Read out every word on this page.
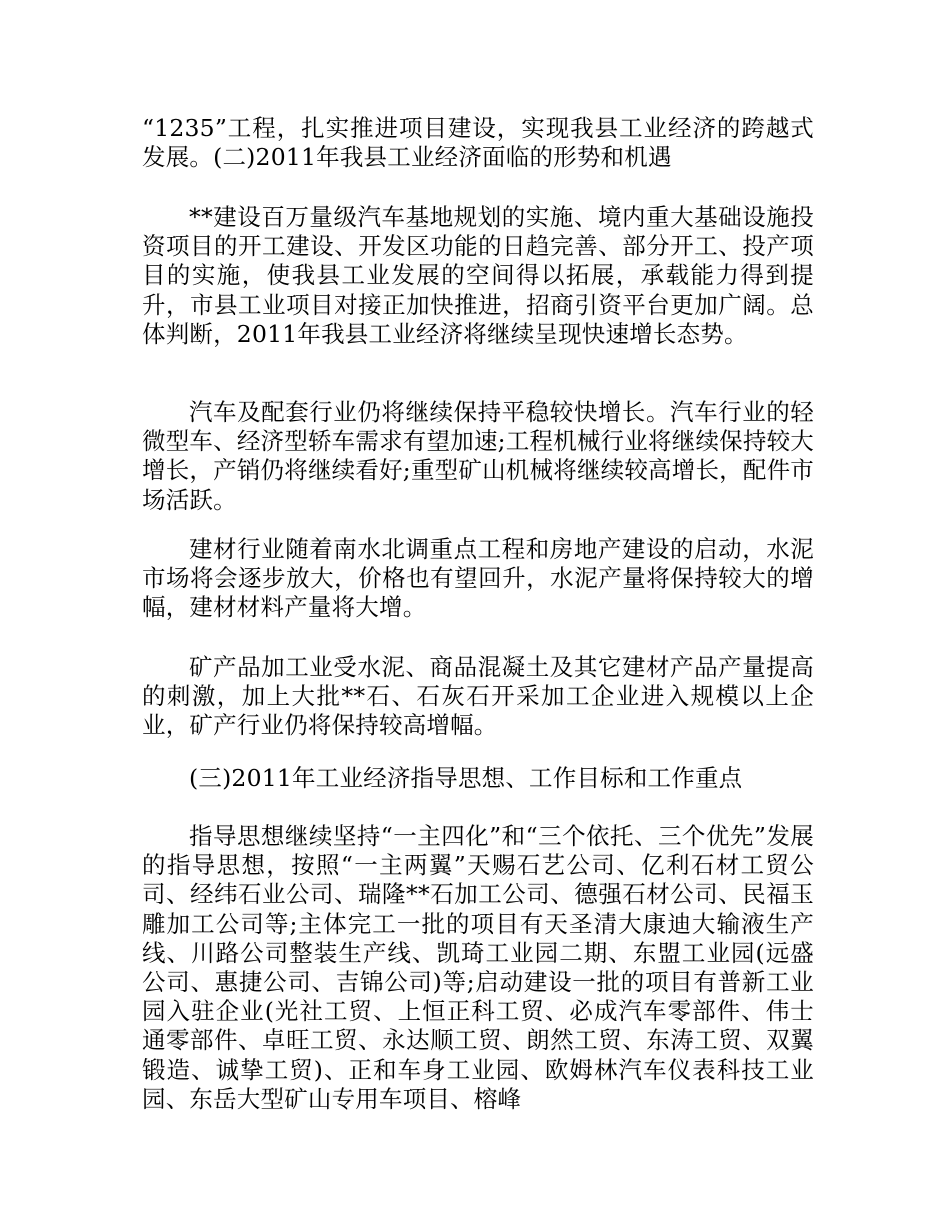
“1235”工程，扎实推进项目建设，实现我县工业经济的跨越式发展。(二)2011年我县工业经济面临的形势和机遇

**建设百万量级汽车基地规划的实施、境内重大基础设施投资项目的开工建设、开发区功能的日趋完善、部分开工、投产项目的实施，使我县工业发展的空间得以拓展，承载能力得到提升，市县工业项目对接正加快推进，招商引资平台更加广阔。总体判断，2011年我县工业经济将继续呈现快速增长态势。

汽车及配套行业仍将继续保持平稳较快增长。汽车行业的轻微型车、经济型轿车需求有望加速;工程机械行业将继续保持较大增长，产销仍将继续看好;重型矿山机械将继续较高增长，配件市场活跃。

建材行业随着南水北调重点工程和房地产建设的启动，水泥市场将会逐步放大，价格也有望回升，水泥产量将保持较大的增幅，建材材料产量将大增。

矿产品加工业受水泥、商品混凝土及其它建材产品产量提高的刺激，加上大批**石、石灰石开采加工企业进入规模以上企业，矿产行业仍将保持较高增幅。

(三)2011年工业经济指导思想、工作目标和工作重点

指导思想继续坚持“一主四化”和“三个依托、三个优先”发展的指导思想，按照“一主两翼”天赐石艺公司、亿利石材工贸公司、经纬石业公司、瑞隆**石加工公司、德强石材公司、民福玉雕加工公司等;主体完工一批的项目有天圣清大康迪大输液生产线、川路公司整装生产线、凯琦工业园二期、东盟工业园(远盛公司、惠捷公司、吉锦公司)等;启动建设一批的项目有普新工业园入驻企业(光社工贸、上恒正科工贸、必成汽车零部件、伟士通零部件、卓旺工贸、永达顺工贸、朗然工贸、东涛工贸、双翼锻造、诚挚工贸)、正和车身工业园、欧姆林汽车仪表科技工业园、东岳大型矿山专用车项目、榕峰
